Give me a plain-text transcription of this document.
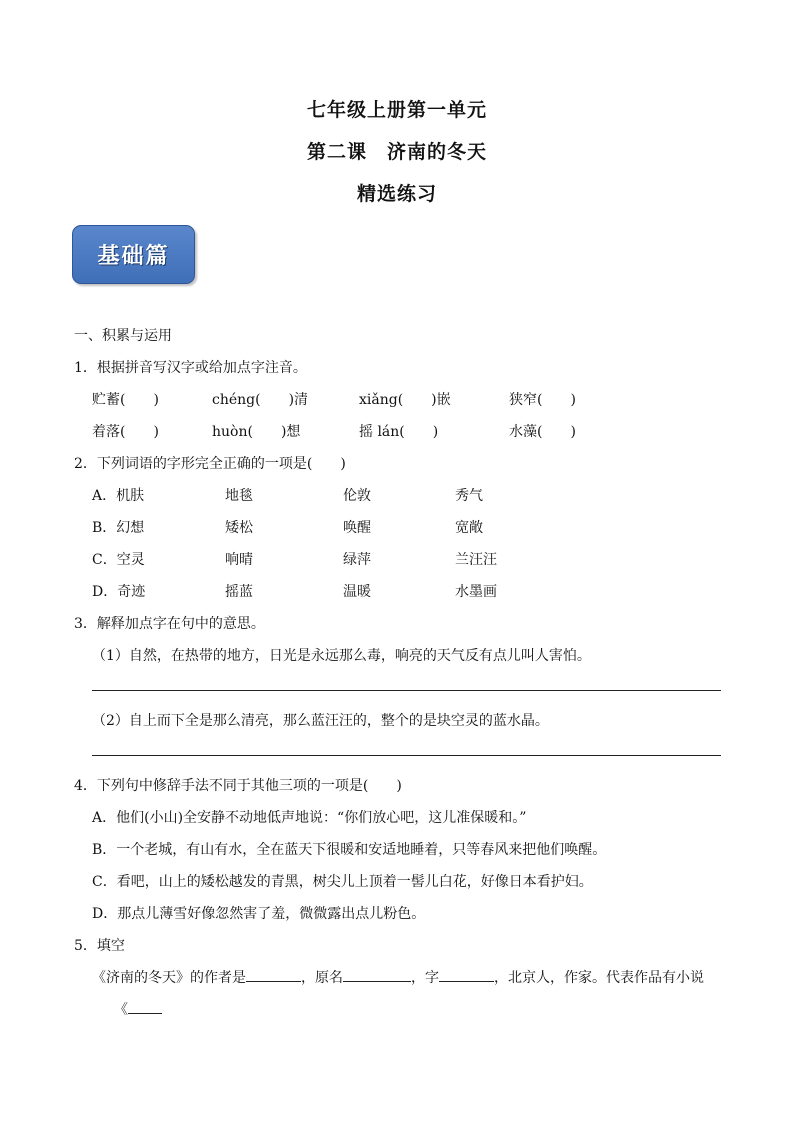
七年级上册第一单元
第二课　济南的冬天
精选练习
基础篇
一、积累与运用
1．根据拼音写汉字或给加点字注音。
贮蓄(　　)	chéng(　　)清	xiǎng(　　)嵌	狭窄(　　)
着落(　　)	huòn(　　)想	摇 lán(　　)	水藻(　　)
2．下列词语的字形完全正确的一项是(　　)
A．机肤	地毯	伦敦	秀气
B．幻想	矮松	唤醒	宽敞
C．空灵	响晴	绿萍	兰汪汪
D．奇迹	摇蓝	温暖	水墨画
3．解释加点字在句中的意思。
（1）自然，在热带的地方，日光是永远那么毒，响亮的天气反有点儿叫人害怕。
（2）自上而下全是那么清亮，那么蓝汪汪的，整个的是块空灵的蓝水晶。
4．下列句中修辞手法不同于其他三项的一项是(　　)
A．他们(小山)全安静不动地低声地说：“你们放心吧，这儿准保暖和。”
B．一个老城，有山有水，全在蓝天下很暖和安适地睡着，只等春风来把他们唤醒。
C．看吧，山上的矮松越发的青黑，树尖儿上顶着一髻儿白花，好像日本看护妇。
D．那点儿薄雪好像忽然害了羞，微微露出点儿粉色。
5．填空
《济南的冬天》的作者是	，原名	，字	，北京人，作家。代表作品有小说
《
